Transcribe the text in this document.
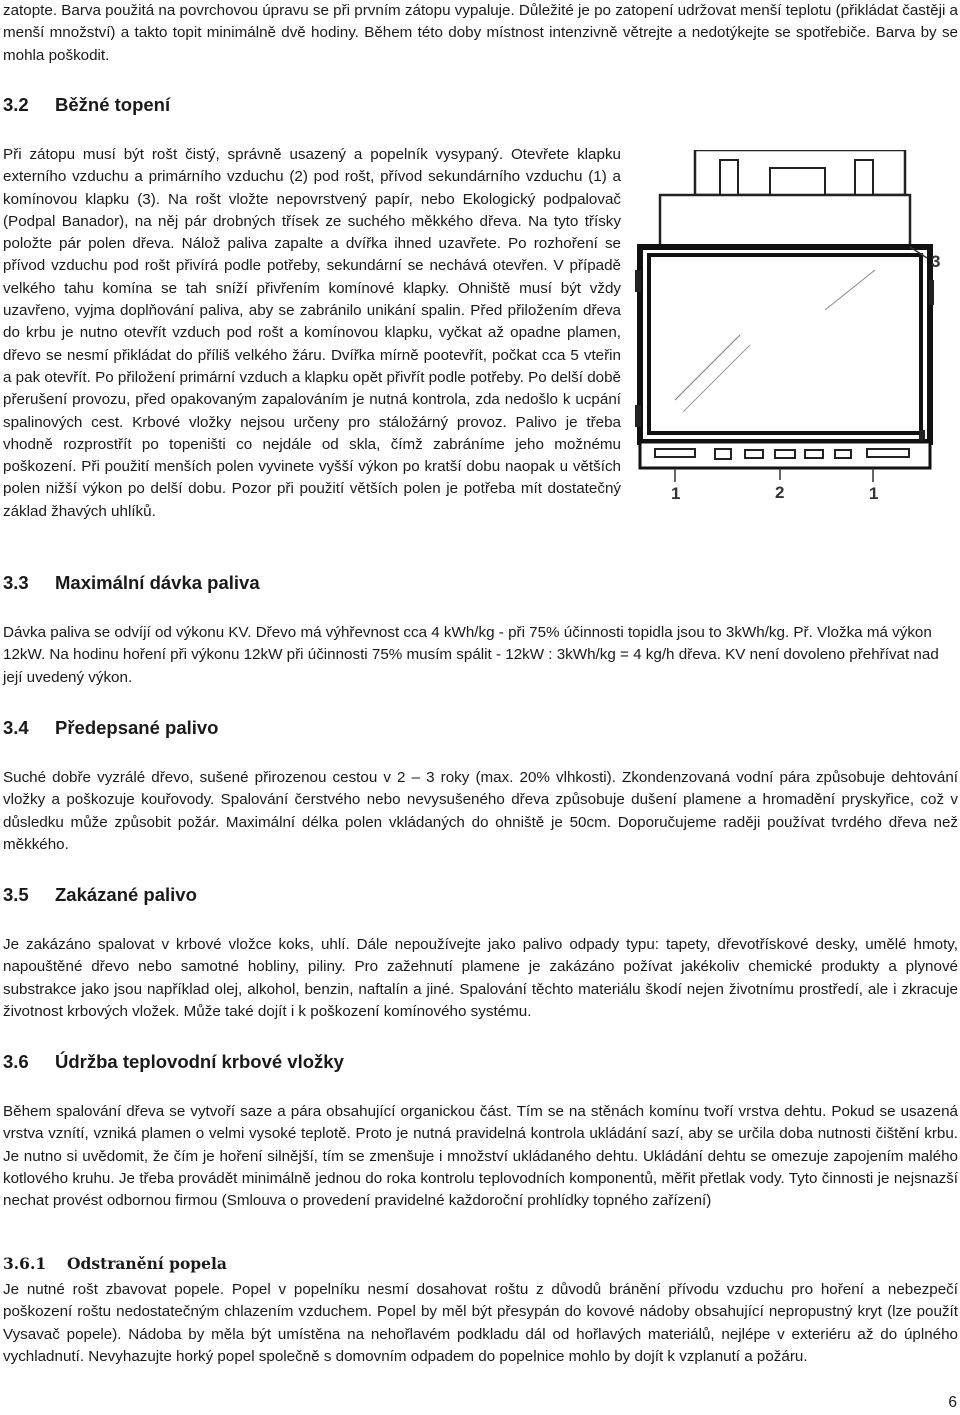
zatopte. Barva použitá na povrchovou úpravu se při prvním zátopu vypaluje. Důležité je po zatopení udržovat menší teplotu (přikládat častěji a menší množství) a takto topit minimálně dvě hodiny. Během této doby místnost intenzivně větrejte a nedotýkejte se spotřebiče. Barva by se mohla poškodit.

3.2 Běžné topení

Při zátopu musí být rošt čistý, správně usazený a popelník vysypaný. Otevřete klapku externího vzduchu a primárního vzduchu (2) pod rošt, přívod sekundárního vzduchu (1) a komínovou klapku (3). Na rošt vložte nepovrstvený papír, nebo Ekologický podpalovač (Podpal Banador), na něj pár drobných třísek ze suchého měkkého dřeva. Na tyto třísky položte pár polen dřeva. Nálož paliva zapalte a dvířka ihned uzavřete. Po rozhoření se přívod vzduchu pod rošt přivírá podle potřeby, sekundární se nechává otevřen. V případě velkého tahu komína se tah sníží přivřením komínové klapky. Ohniště musí být vždy uzavřeno, vyjma doplňování paliva, aby se zabránilo unikání spalin. Před přiložením dřeva do krbu je nutno otevřít vzduch pod rošt a komínovou klapku, vyčkat až opadne plamen, dřevo se nesmí přikládat do příliš velkého žáru. Dvířka mírně pootevřít, počkat cca 5 vteřin a pak otevřít. Po přiložení primární vzduch a klapku opět přivřít podle potřeby. Po delší době přerušení provozu, před opakovaným zapalováním je nutná kontrola, zda nedošlo k ucpání spalinových cest. Krbové vložky nejsou určeny pro stáložárný provoz. Palivo je třeba vhodně rozprostřít po topeništi co nejdále od skla, čímž zabráníme jeho možnému poškození. Při použití menších polen vyvinete vyšší výkon po kratší dobu naopak u větších polen nižší výkon po delší dobu. Pozor při použití větších polen je potřeba mít dostatečný základ žhavých uhlíků.

1	2	1
3
3.3 Maximální dávka paliva

Dávka paliva se odvíjí od výkonu KV. Dřevo má výhřevnost cca 4 kWh/kg - při 75% účinnosti topidla jsou to 3kWh/kg. Př. Vložka má výkon 12kW. Na hodinu hoření při výkonu 12kW při účinnosti 75% musím spálit - 12kW : 3kWh/kg = 4 kg/h dřeva. KV není dovoleno přehřívat nad její uvedený výkon.

3.4 Předepsané palivo

Suché dobře vyzrálé dřevo, sušené přirozenou cestou v 2 – 3 roky (max. 20% vlhkosti). Zkondenzovaná vodní pára způsobuje dehtování vložky a poškozuje kouřovody. Spalování čerstvého nebo nevysušeného dřeva způsobuje dušení plamene a hromadění pryskyřice, což v důsledku může způsobit požár. Maximální délka polen vkládaných do ohniště je 50cm. Doporučujeme raději používat tvrdého dřeva než měkkého.

3.5 Zakázané palivo

Je zakázáno spalovat v krbové vložce koks, uhlí. Dále nepoužívejte jako palivo odpady typu: tapety, dřevotřískové desky, umělé hmoty, napouštěné dřevo nebo samotné hobliny, piliny. Pro zažehnutí plamene je zakázáno požívat jakékoliv chemické produkty a plynové substrakce jako jsou například olej, alkohol, benzin, naftalín a jiné. Spalování těchto materiálu škodí nejen životnímu prostředí, ale i zkracuje životnost krbových vložek. Může také dojít i k poškození komínového systému.

3.6 Údržba teplovodní krbové vložky

Během spalování dřeva se vytvoří saze a pára obsahující organickou část. Tím se na stěnách komínu tvoří vrstva dehtu. Pokud se usazená vrstva vznítí, vzniká plamen o velmi vysoké teplotě. Proto je nutná pravidelná kontrola ukládání sazí, aby se určila doba nutnosti čištění krbu. Je nutno si uvědomit, že čím je hoření silnější, tím se zmenšuje i množství ukládaného dehtu. Ukládání dehtu se omezuje zapojením malého kotlového kruhu. Je třeba provádět minimálně jednou do roka kontrolu teplovodních komponentů, měřit přetlak vody. Tyto činnosti je nejsnazší nechat provést odbornou firmou (Smlouva o provedení pravidelné každoroční prohlídky topného zařízení)

3.6.1 Odstranění popela

Je nutné rošt zbavovat popele. Popel v popelníku nesmí dosahovat roštu z důvodů bránění přívodu vzduchu pro hoření a nebezpečí poškození roštu nedostatečným chlazením vzduchem. Popel by měl být přesypán do kovové nádoby obsahující nepropustný kryt (lze použít Vysavač popele). Nádoba by měla být umístěna na nehořlavém podkladu dál od hořlavých materiálů, nejlépe v exteriéru až do úplného vychladnutí. Nevyhazujte horký popel společně s domovním odpadem do popelnice mohlo by dojít k vzplanutí a požáru.

6
